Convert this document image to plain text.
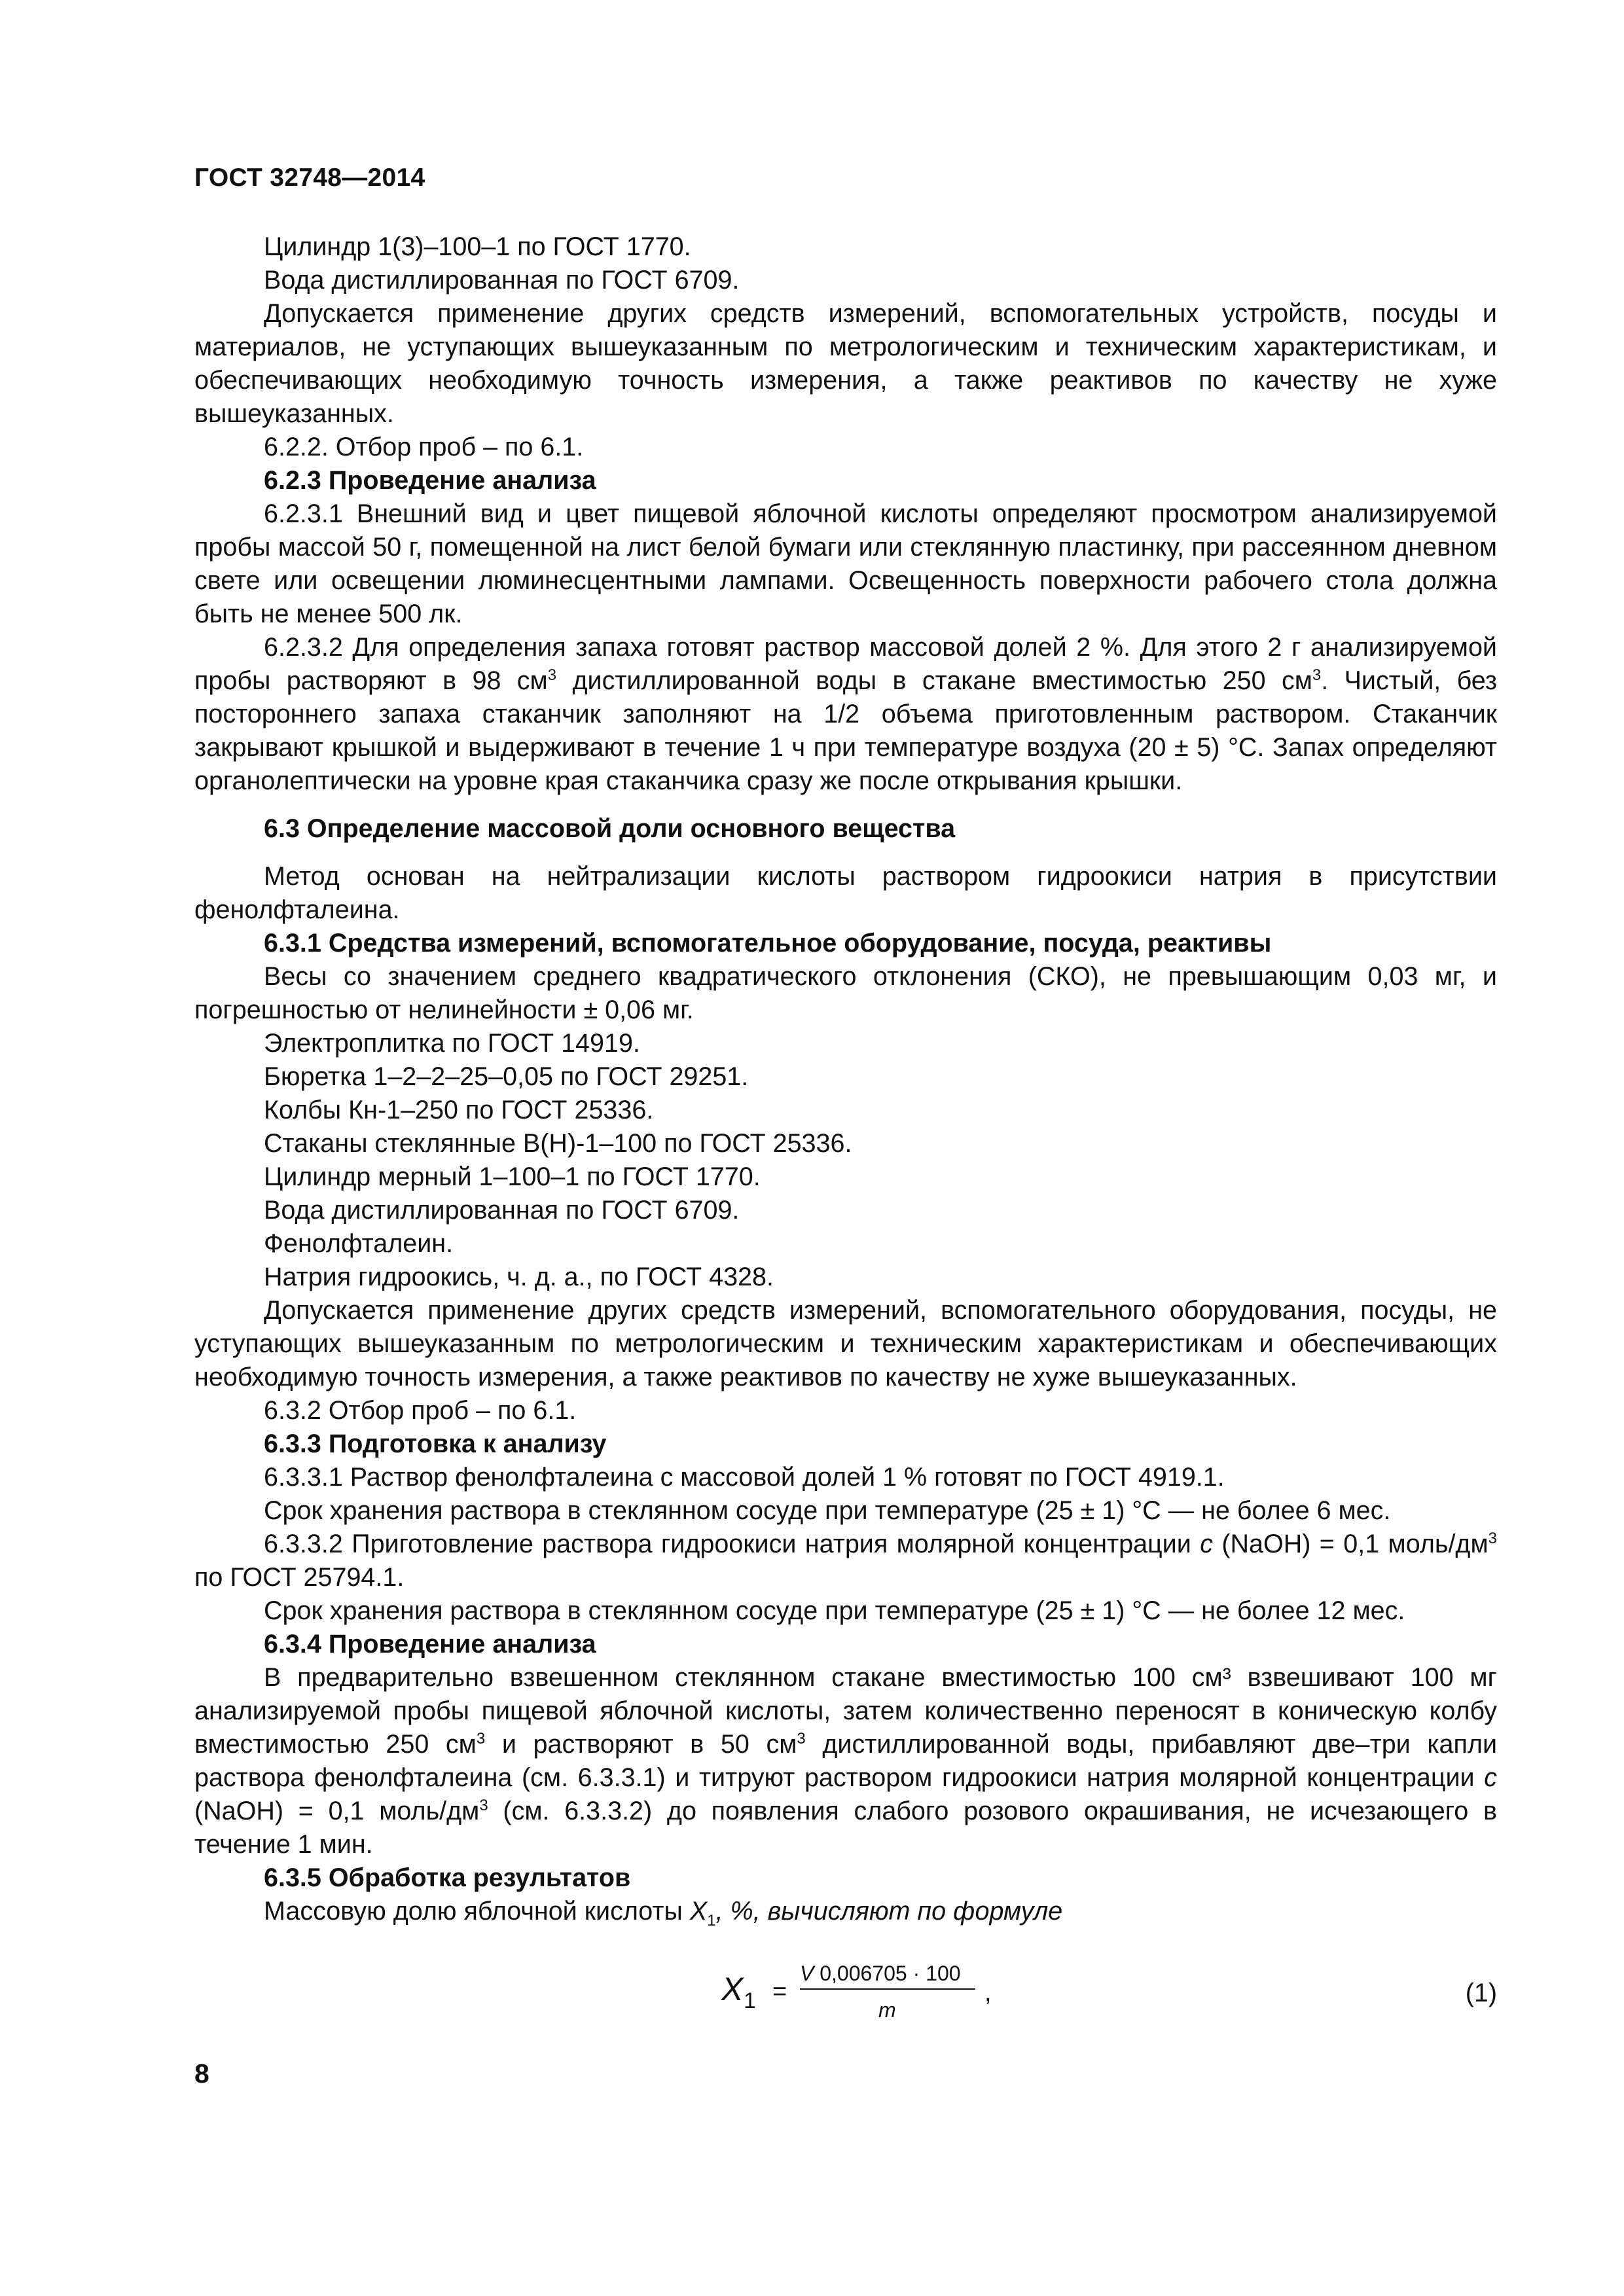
ГОСТ 32748—2014

Цилиндр 1(3)–100–1 по ГОСТ 1770.

Вода дистиллированная по ГОСТ 6709.

Допускается применение других средств измерений, вспомогательных устройств, посуды и материалов, не уступающих вышеуказанным по метрологическим и техническим характеристикам, и обеспечивающих необходимую точность измерения, а также реактивов по качеству не хуже вышеуказанных.

6.2.2. Отбор проб – по 6.1.

6.2.3 Проведение анализа

6.2.3.1 Внешний вид и цвет пищевой яблочной кислоты определяют просмотром анализируемой пробы массой 50 г, помещенной на лист белой бумаги или стеклянную пластинку, при рассеянном дневном свете или освещении люминесцентными лампами. Освещенность поверхности рабочего стола должна быть не менее 500 лк.

6.2.3.2 Для определения запаха готовят раствор массовой долей 2 %. Для этого 2 г анализируемой пробы растворяют в 98 $см^3$ дистиллированной воды в стакане вместимостью 250 $см^3$. Чистый, без постороннего запаха стаканчик заполняют на 1/2 объема приготовленным раствором. Стаканчик закрывают крышкой и выдерживают в течение 1 ч при температуре воздуха (20 ± 5) °С. Запах определяют органолептически на уровне края стаканчика сразу же после открывания крышки.

6.3 Определение массовой доли основного вещества

Метод основан на нейтрализации кислоты раствором гидроокиси натрия в присутствии фенолфталеина.

6.3.1 Средства измерений, вспомогательное оборудование, посуда, реактивы

Весы со значением среднего квадратического отклонения (СКО), не превышающим 0,03 мг, и погрешностью от нелинейности ± 0,06 мг.

Электроплитка по ГОСТ 14919.

Бюретка 1–2–2–25–0,05 по ГОСТ 29251.

Колбы Кн-1–250 по ГОСТ 25336.

Стаканы стеклянные В(Н)-1–100 по ГОСТ 25336.

Цилиндр мерный 1–100–1 по ГОСТ 1770.

Вода дистиллированная по ГОСТ 6709.

Фенолфталеин.

Натрия гидроокись, ч. д. а., по ГОСТ 4328.

Допускается применение других средств измерений, вспомогательного оборудования, посуды, не уступающих вышеуказанным по метрологическим и техническим характеристикам и обеспечивающих необходимую точность измерения, а также реактивов по качеству не хуже вышеуказанных.

6.3.2 Отбор проб – по 6.1.

6.3.3 Подготовка к анализу

6.3.3.1 Раствор фенолфталеина с массовой долей 1 % готовят по ГОСТ 4919.1.

Срок хранения раствора в стеклянном сосуде при температуре (25 ± 1) °С — не более 6 мес.

6.3.3.2 Приготовление раствора гидроокиси натрия молярной концентрации c (NaOH) = 0,1 моль/$дм^3$ по ГОСТ 25794.1.

Срок хранения раствора в стеклянном сосуде при температуре (25 ± 1) °С — не более 12 мес.

6.3.4 Проведение анализа

В предварительно взвешенном стеклянном стакане вместимостью 100 см³ взвешивают 100 мг анализируемой пробы пищевой яблочной кислоты, затем количественно переносят в коническую колбу вместимостью 250 $см^3$ и растворяют в 50 $см^3$ дистиллированной воды, прибавляют две–три капли раствора фенолфталеина (см. 6.3.3.1) и титруют раствором гидроокиси натрия молярной концентрации c (NaOH) = 0,1 моль/$дм^3$ (см. 6.3.3.2) до появления слабого розового окрашивания, не исчезающего в течение 1 мин.

6.3.5 Обработка результатов

Массовую долю яблочной кислоты $X_1$, %, вычисляют по формуле

X 1 =
V 0,006705 · 100
m
,	(1)
8
